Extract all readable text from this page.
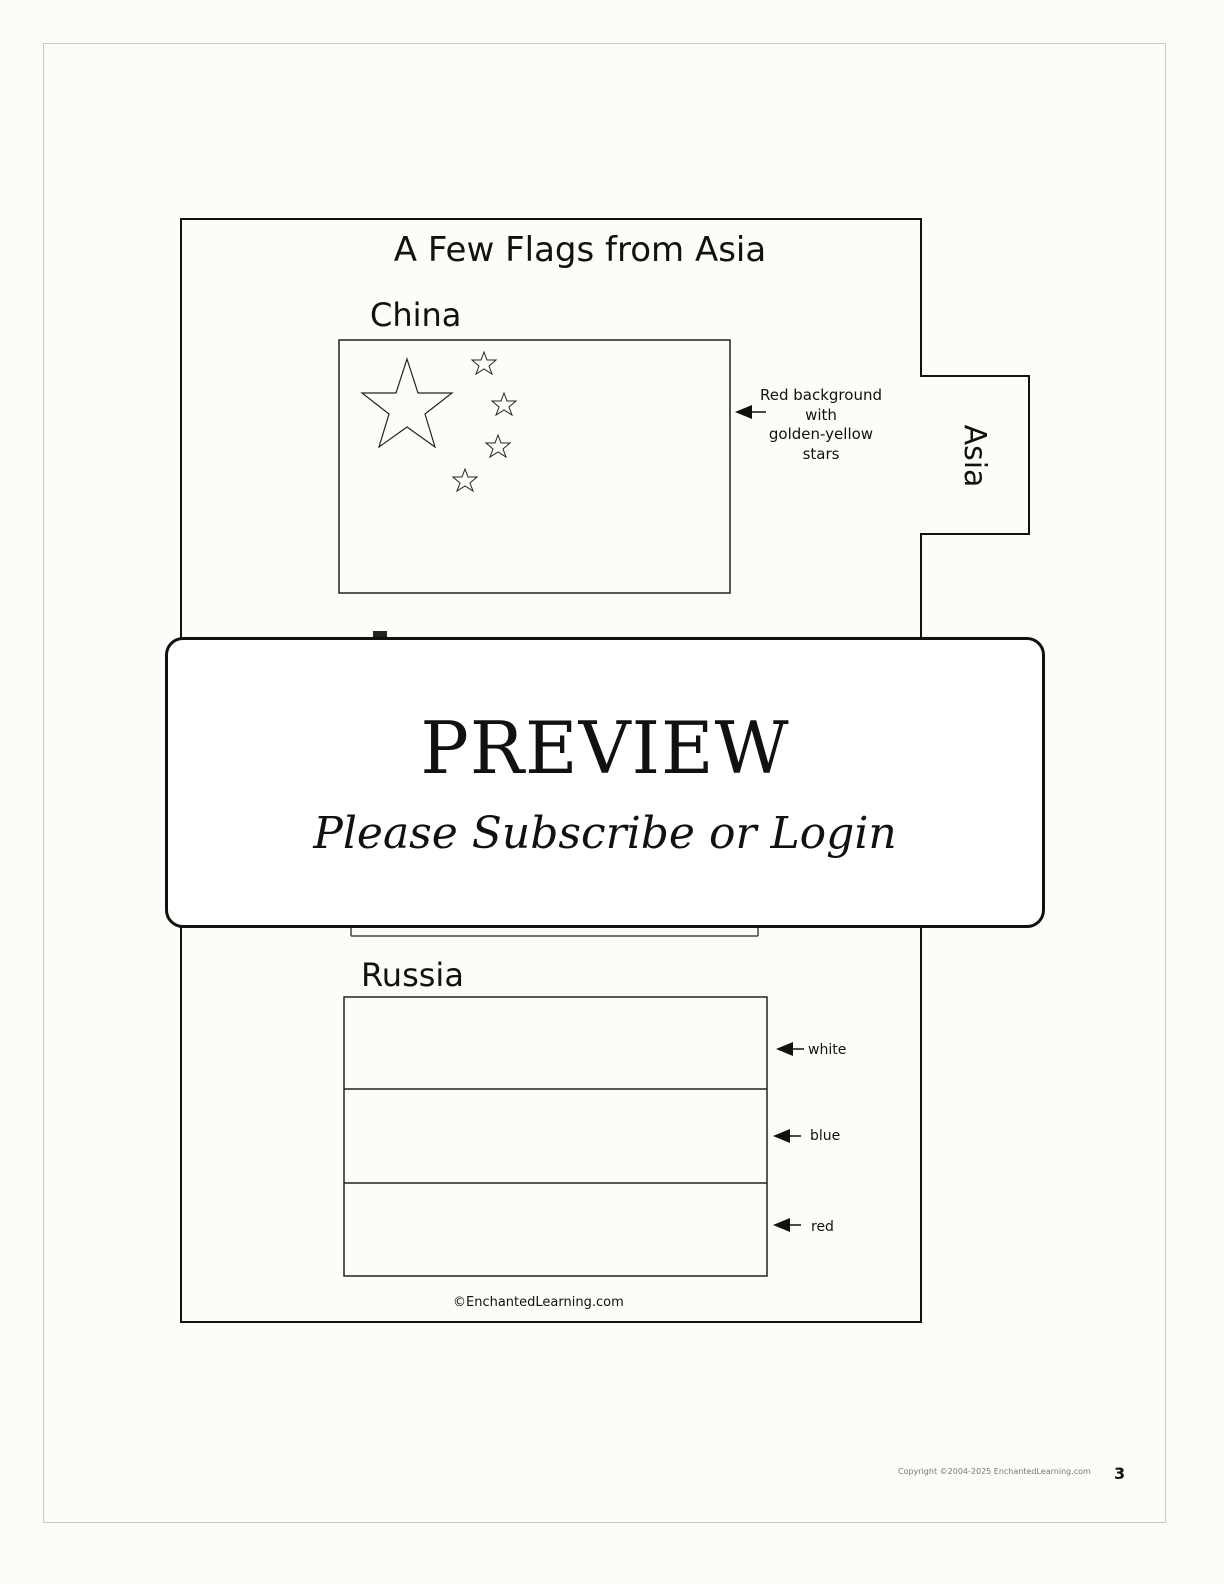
A Few Flags from Asia
China
Red background
with
golden-yellow
stars	Asia
Russia
white
blue
red
©EnchantedLearning.com
PREVIEW
Please Subscribe or Login
Copyright ©2004-2025 EnchantedLearning.com 3
